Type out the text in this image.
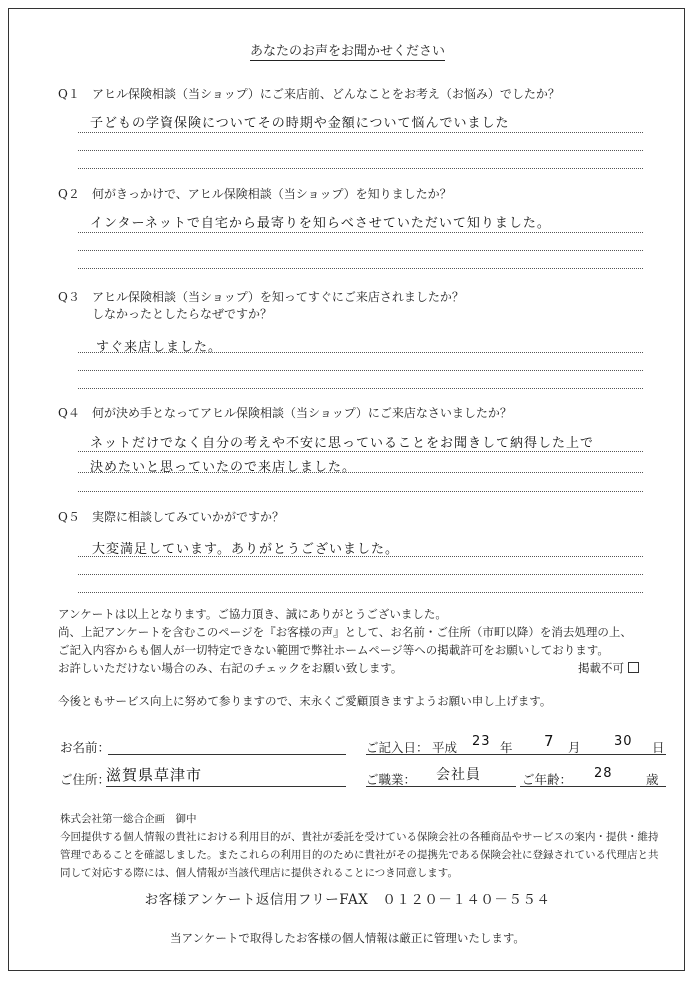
あなたのお声をお聞かせください
Q１ アヒル保険相談（当ショップ）にご来店前、どんなことをお考え（お悩み）でしたか？
子どもの学資保険についてその時期や金額について悩んでいました
Q２ 何がきっかけで、アヒル保険相談（当ショップ）を知りましたか？
インターネットで自宅から最寄りを知らべさせていただいて知りました。
Q３ アヒル保険相談（当ショップ）を知ってすぐにご来店されましたか？
しなかったとしたらなぜですか？
すぐ来店しました。
Q４ 何が決め手となってアヒル保険相談（当ショップ）にご来店なさいましたか？
ネットだけでなく自分の考えや不安に思っていることをお聞きして納得した上で
決めたいと思っていたので来店しました。
Q５ 実際に相談してみていかがですか？
大変満足しています。ありがとうございました。
アンケートは以上となります。ご協力頂き、誠にありがとうございました。
尚、上記アンケートを含むこのページを『お客様の声』として、お名前・ご住所（市町以降）を消去処理の上、
ご記入内容からも個人が一切特定できない範囲で弊社ホームページ等への掲載許可をお願いしております。
お許しいただけない場合のみ、右記のチェックをお願い致します。	掲載不可
今後ともサービス向上に努めて参りますので、末永くご愛顧頂きますようお願い申し上げます。
お名前：	ご記入日： 平成 23 年 7 月	30 日
ご住所：
滋賀県草津市	ご職業： 会社員	ご年齢： 28	歳
株式会社第一総合企画　御中
今回提供する個人情報の貴社における利用目的が、貴社が委託を受けている保険会社の各種商品やサービスの案内・提供・維持
管理であることを確認しました。またこれらの利用目的のために貴社がその提携先である保険会社に登録されている代理店と共
同して対応する際には、個人情報が当該代理店に提供されることにつき同意します。
お客様アンケート返信用フリーFAX　０１２０－１４０－５５４
当アンケートで取得したお客様の個人情報は厳正に管理いたします。
